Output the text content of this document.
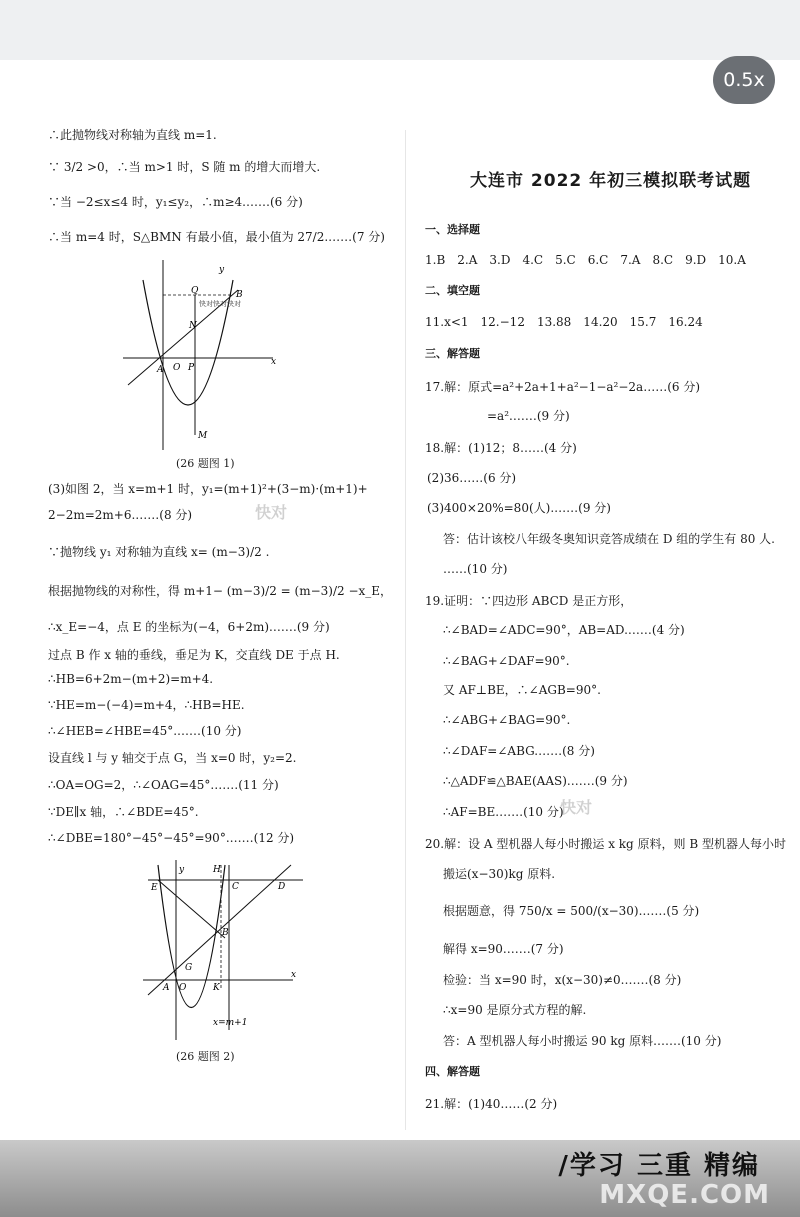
∴此抛物线对称轴为直线 m=1.

∵ 3/2 >0，∴当 m>1 时，S 随 m 的增大而增大.

∵当 −2≤x≤4 时，y₁≤y₂，∴m≥4.……(6 分)

∴当 m=4 时，S△BMN 有最小值，最小值为 27/2.……(7 分)

y
x
O P
A
B
Q
N
M
快对快对快对

(26 题图 1)

(3)如图 2，当 x=m+1 时，y₁=(m+1)²+(3−m)·(m+1)+

2−2m=2m+6.……(8 分)

∵抛物线 y₁ 对称轴为直线 x= (m−3)/2 .

根据抛物线的对称性，得 m+1− (m−3)/2 = (m−3)/2 −x_E，

∴x_E=−4，点 E 的坐标为(−4，6+2m).……(9 分)

过点 B 作 x 轴的垂线，垂足为 K，交直线 DE 于点 H.

∴HB=6+2m−(m+2)=m+4.

∵HE=m−(−4)=m+4，∴HB=HE.

∴∠HEB=∠HBE=45°.……(10 分)

设直线 l 与 y 轴交于点 G，当 x=0 时，y₂=2.

∴OA=OG=2，∴∠OAG=45°.……(11 分)

∵DE∥x 轴，∴∠BDE=45°.

∴∠DBE=180°−45°−45°=90°.……(12 分)

E
y	H
C	D
B
G
A O	K
x
x=m+1

(26 题图 2)

大连市 2022 年初三模拟联考试题

一、选择题

1.B　2.A　3.D　4.C　5.C　6.C　7.A　8.C　9.D　10.A

二、填空题

11.x<1　12.−12　13.88　14.20　15.7　16.24

三、解答题

17.解：原式=a²+2a+1+a²−1−a²−2a……(6 分)

=a².……(9 分)

18.解：(1)12；8……(4 分)

(2)36……(6 分)

(3)400×20%=80(人).……(9 分)

答：估计该校八年级冬奥知识竞答成绩在 D 组的学生有 80 人.

……(10 分)

19.证明：∵四边形 ABCD 是正方形，

∴∠BAD=∠ADC=90°，AB=AD.……(4 分)

∴∠BAG+∠DAF=90°.

又 AF⊥BE，∴∠AGB=90°.

∴∠ABG+∠BAG=90°.

∴∠DAF=∠ABG.……(8 分)

∴△ADF≌△BAE(AAS).……(9 分)

∴AF=BE.……(10 分)

20.解：设 A 型机器人每小时搬运 x kg 原料，则 B 型机器人每小时

搬运(x−30)kg 原料.

根据题意，得 750/x = 500/(x−30).……(5 分)

解得 x=90.……(7 分)

检验：当 x=90 时，x(x−30)≠0.……(8 分)

∴x=90 是原分式方程的解.

答：A 型机器人每小时搬运 90 kg 原料.……(10 分)

四、解答题

21.解：(1)40……(2 分)

快对
快对
0.5x
/学习 三重 精编
MXQE.COM
